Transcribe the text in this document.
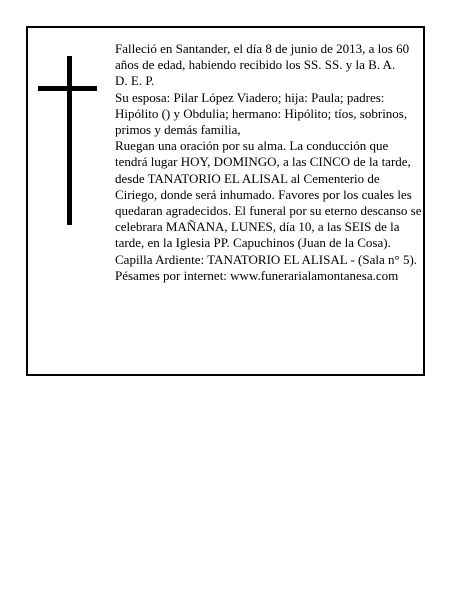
Falleció en Santander, el día 8 de junio de 2013, a los 60 años de edad, habiendo recibido los SS. SS. y la B. A.

D. E. P.

Su esposa: Pilar López Viadero; hija: Paula; padres: Hipólito () y Obdulia; hermano: Hipólito; tíos, sobrinos, primos y demás familia,

Ruegan una oración por su alma. La conducción que tendrá lugar HOY, DOMINGO, a las CINCO de la tarde, desde TANATORIO EL ALISAL al Cementerio de Ciriego, donde será inhumado. Favores por los cuales les quedaran agradecidos. El funeral por su eterno descanso se celebrara MAÑANA, LUNES, día 10, a las SEIS de la tarde, en la Iglesia PP. Capuchinos (Juan de la Cosa). Capilla Ardiente: TANATORIO EL ALISAL - (Sala n° 5).

Pésames por internet: www.funerarialamontanesa.com
